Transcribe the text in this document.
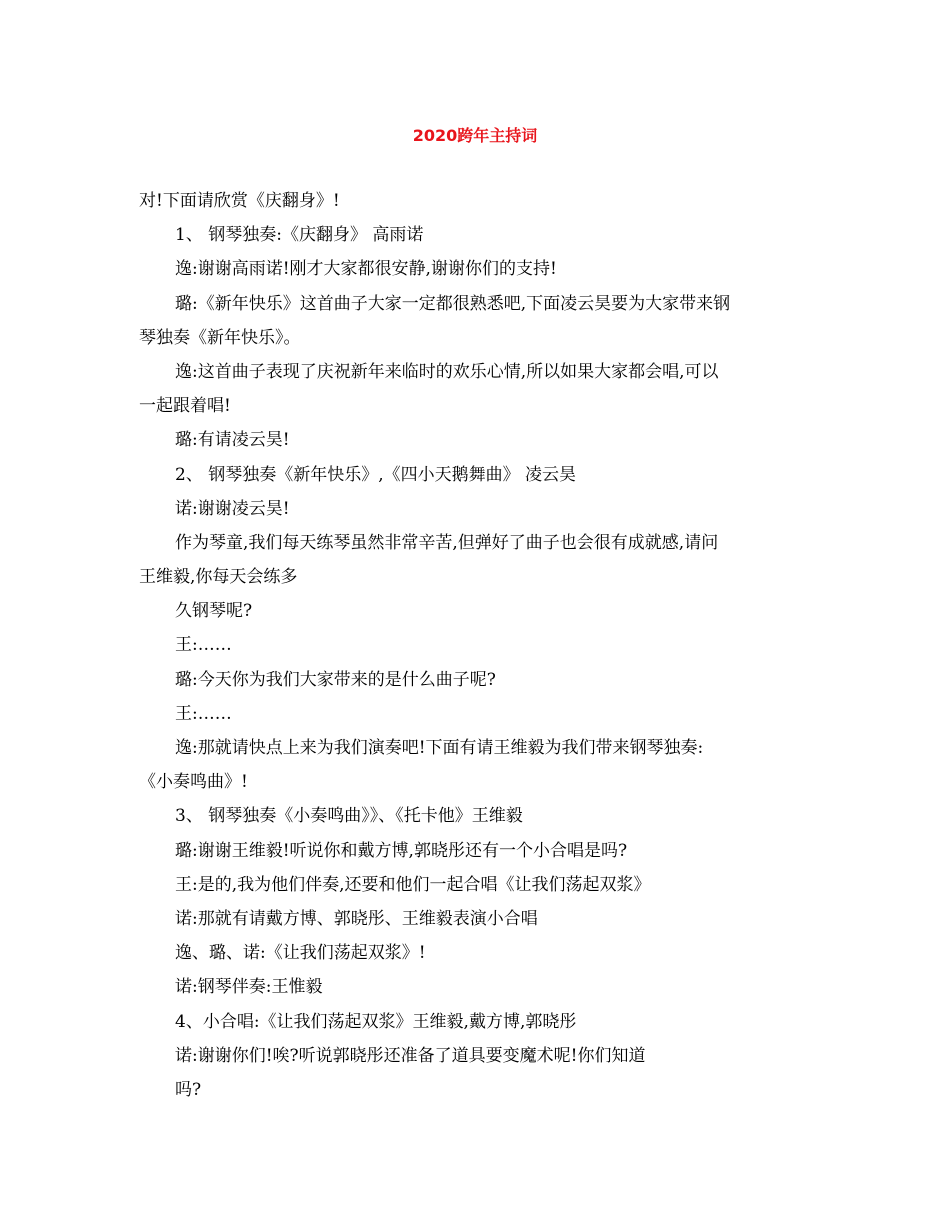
2020跨年主持词
对!下面请欣赏《庆翻身》!
1、 钢琴独奏:《庆翻身》 高雨诺
逸:谢谢高雨诺!刚才大家都很安静,谢谢你们的支持!
璐:《新年快乐》这首曲子大家一定都很熟悉吧,下面凌云昊要为大家带来钢
琴独奏《新年快乐》。
逸:这首曲子表现了庆祝新年来临时的欢乐心情,所以如果大家都会唱,可以
一起跟着唱!
璐:有请凌云昊!
2、 钢琴独奏《新年快乐》,《四小天鹅舞曲》 凌云昊
诺:谢谢凌云昊!
作为琴童,我们每天练琴虽然非常辛苦,但弹好了曲子也会很有成就感,请问
王维毅,你每天会练多
久钢琴呢?
王:……
璐:今天你为我们大家带来的是什么曲子呢?
王:……
逸:那就请快点上来为我们演奏吧!下面有请王维毅为我们带来钢琴独奏:
《小奏鸣曲》!
3、 钢琴独奏《小奏鸣曲》》、《托卡他》王维毅
璐:谢谢王维毅!听说你和戴方博,郭晓彤还有一个小合唱是吗?
王:是的,我为他们伴奏,还要和他们一起合唱《让我们荡起双浆》
诺:那就有请戴方博、郭晓彤、王维毅表演小合唱
逸、璐、诺:《让我们荡起双浆》!
诺:钢琴伴奏:王惟毅
4、小合唱:《让我们荡起双浆》王维毅,戴方博,郭晓彤
诺:谢谢你们!唉?听说郭晓彤还准备了道具要变魔术呢!你们知道
吗?
